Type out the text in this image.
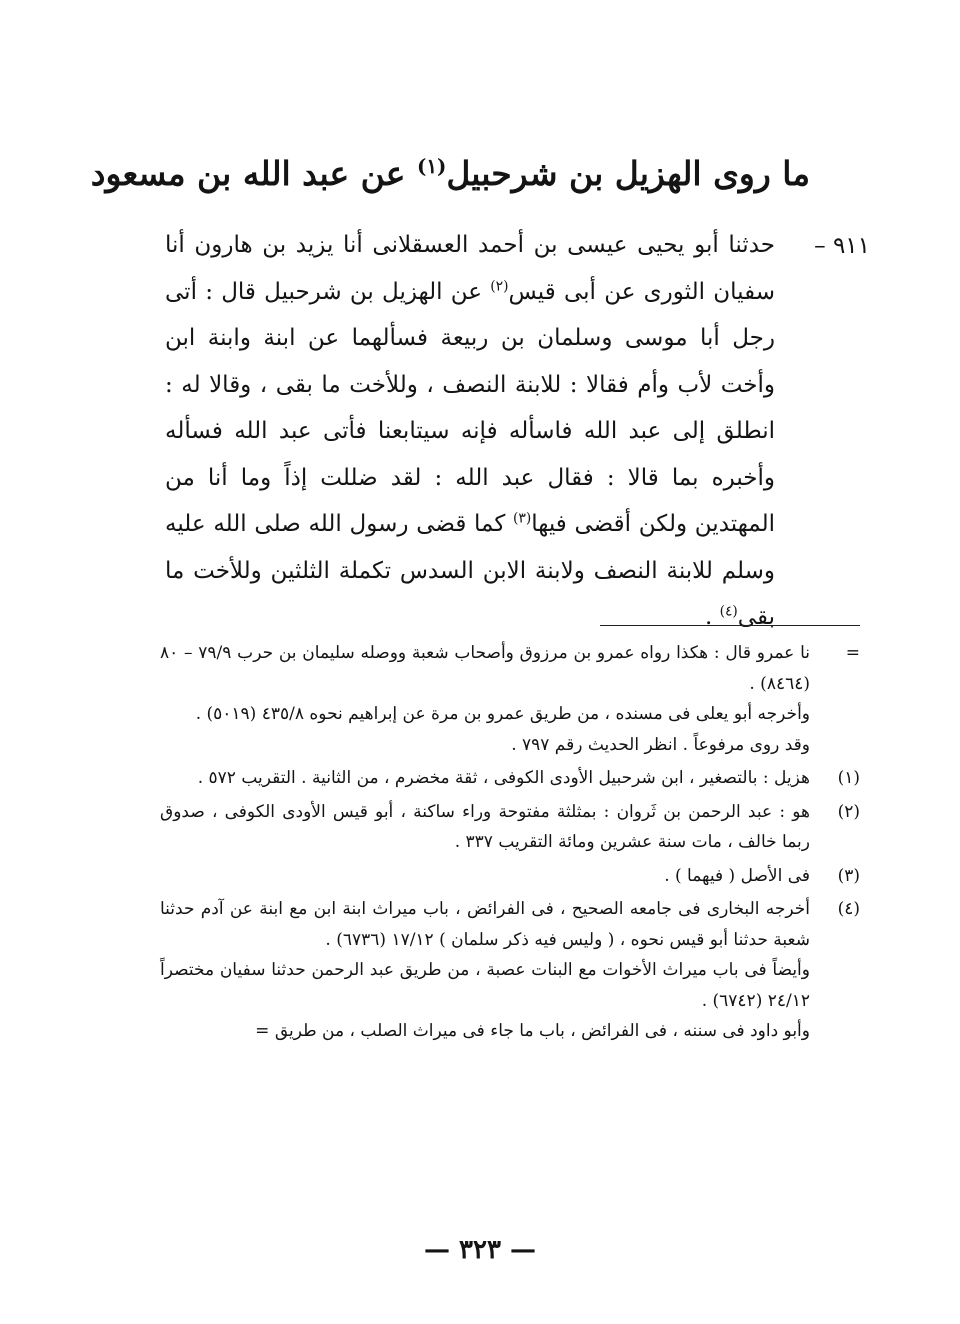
ما روى الهزيل بن شرحبيل$^{(١)}$ عن عبد الله بن مسعود
٩١١ –

حدثنا أبو يحيى عيسى بن أحمد العسقلانى أنا يزيد بن هارون أنا سفيان الثورى عن أبى قيس$^{(٢)}$ عن الهزيل بن شرحبيل قال : أتى رجل أبا موسى وسلمان بن ربيعة فسألهما عن ابنة وابنة ابن وأخت لأب وأم فقالا : للابنة النصف ، وللأخت ما بقى ، وقالا له : انطلق إلى عبد الله فاسأله فإنه سيتابعنا فأتى عبد الله فسأله وأخبره بما قالا : فقال عبد الله : لقد ضللت إذاً وما أنا من المهتدين ولكن أقضى فيها$^{(٣)}$ كما قضى رسول الله صلى الله عليه وسلم للابنة النصف ولابنة الابن السدس تكملة الثلثين وللأخت ما بقى$^{(٤)}$ .

=

نا عمرو قال : هكذا رواه عمرو بن مرزوق وأصحاب شعبة ووصله سليمان بن حرب ٧٩/٩ – ٨٠ (٨٤٦٤) .

وأخرجه أبو يعلى فى مسنده ، من طريق عمرو بن مرة عن إبراهيم نحوه ٤٣٥/٨ (٥٠١٩) .

وقد روى مرفوعاً . انظر الحديث رقم ٧٩٧ .

(١)

هزيل : بالتصغير ، ابن شرحبيل الأودى الكوفى ، ثقة مخضرم ، من الثانية . التقريب ٥٧٢ .

(٢)

هو : عبد الرحمن بن ثَروان : بمثلثة مفتوحة وراء ساكنة ، أبو قيس الأودى الكوفى ، صدوق ربما خالف ، مات سنة عشرين ومائة التقريب ٣٣٧ .

(٣)

فى الأصل ( فيهما ) .

(٤)

أخرجه البخارى فى جامعه الصحيح ، فى الفرائض ، باب ميراث ابنة ابن مع ابنة عن آدم حدثنا شعبة حدثنا أبو قيس نحوه ، ( وليس فيه ذكر سلمان ) ١٧/١٢ (٦٧٣٦) .

وأيضاً فى باب ميراث الأخوات مع البنات عصبة ، من طريق عبد الرحمن حدثنا سفيان مختصراً ٢٤/١٢ (٦٧٤٢) .

وأبو داود فى سننه ، فى الفرائض ، باب ما جاء فى ميراث الصلب ، من طريق =

— ٣٢٣ —
